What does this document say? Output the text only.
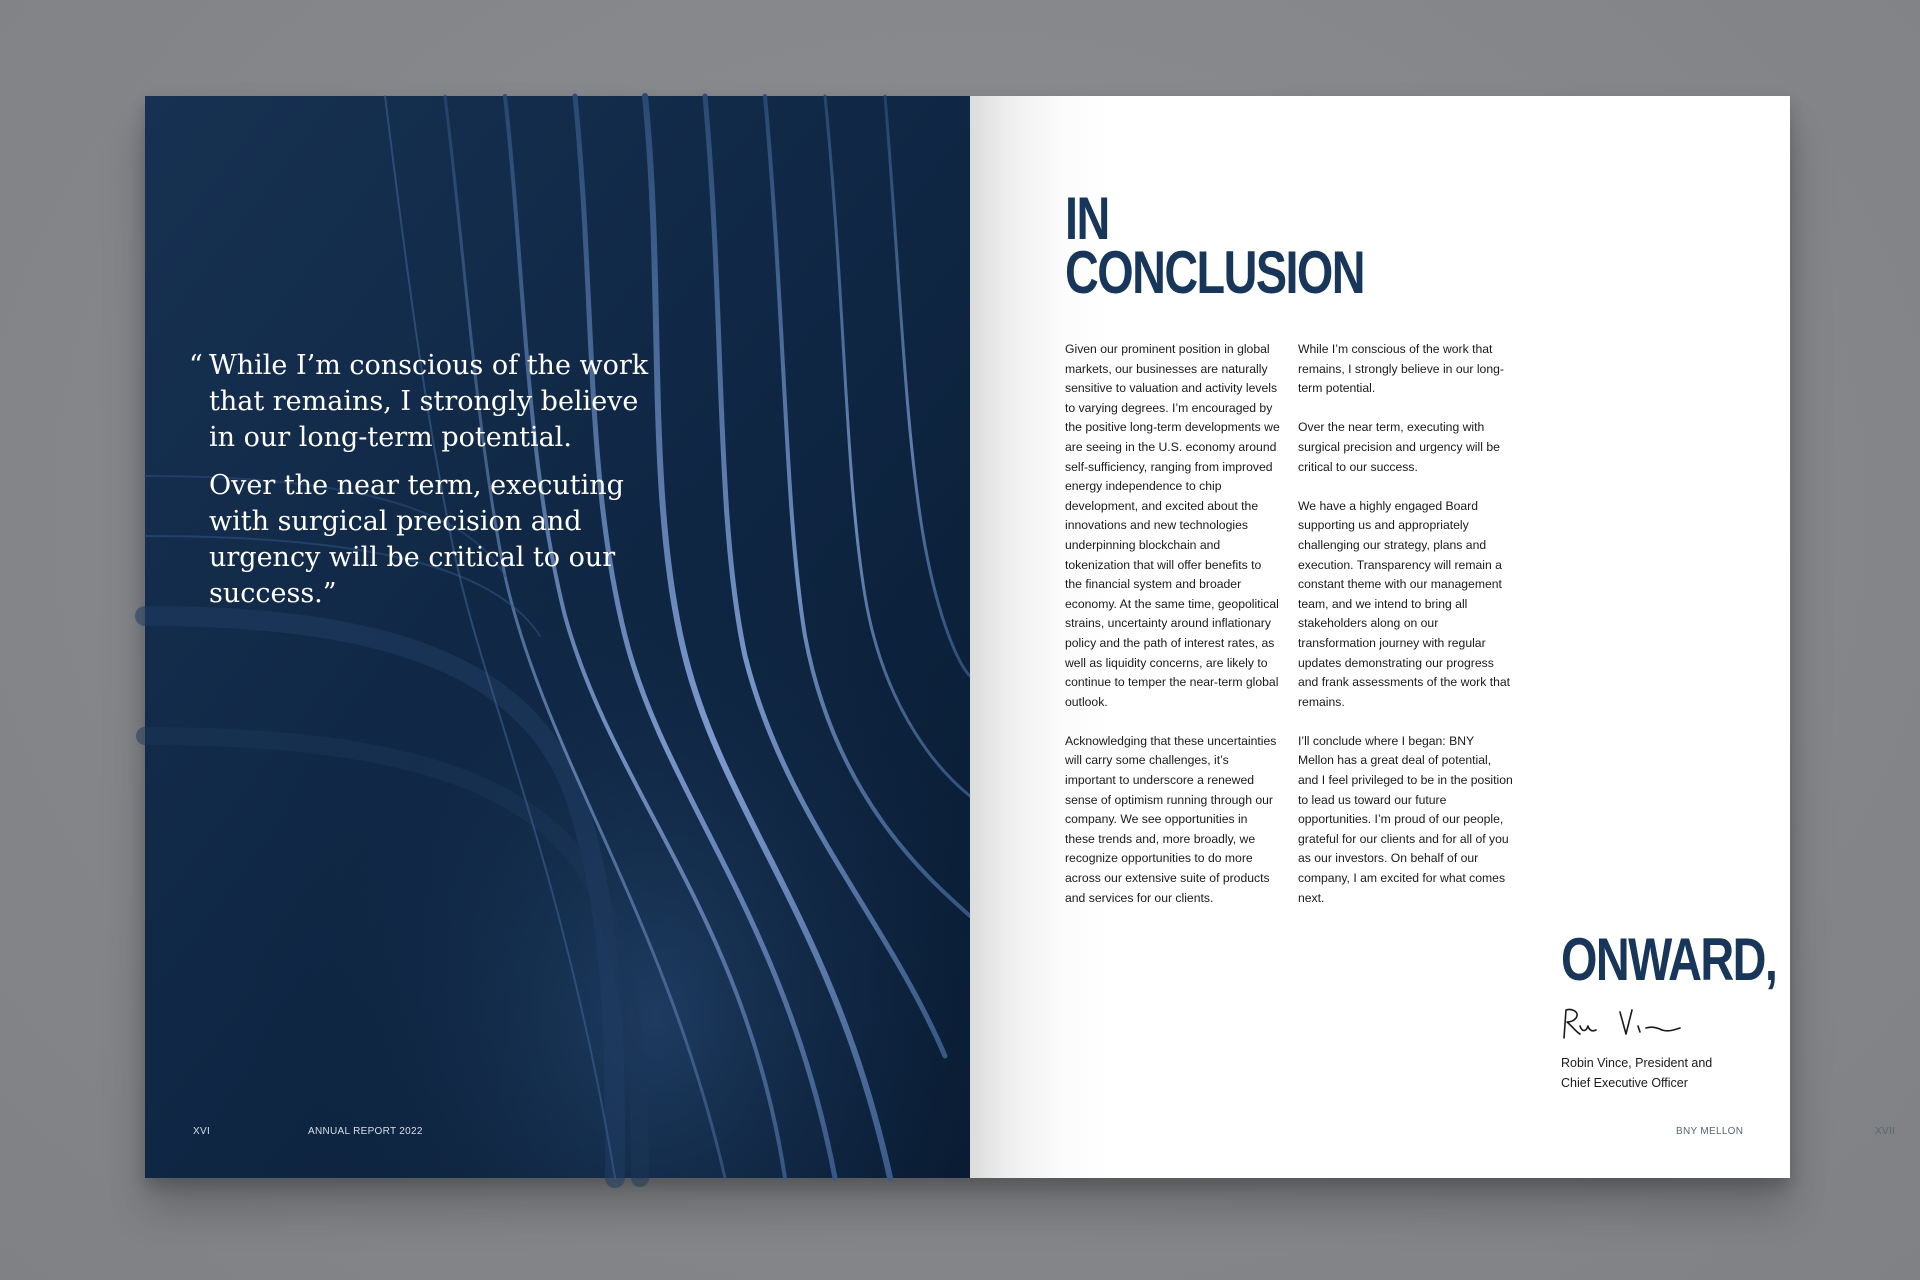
“ While I’m conscious of the work that remains, I strongly believe in our long-term potential.

Over the near term, executing with surgical precision and urgency will be critical to our success.”

XVI	ANNUAL REPORT 2022
IN
CONCLUSION

Given our prominent position in global markets, our businesses are naturally sensitive to valuation and activity levels to varying degrees. I’m encouraged by the positive long-term developments we are seeing in the U.S. economy around self-sufficiency, ranging from improved energy independence to chip development, and excited about the innovations and new technologies underpinning blockchain and tokenization that will offer benefits to the financial system and broader economy. At the same time, geopolitical strains, uncertainty around inflationary policy and the path of interest rates, as well as liquidity concerns, are likely to continue to temper the near-term global outlook.

Acknowledging that these uncertainties will carry some challenges, it’s important to underscore a renewed sense of optimism running through our company. We see opportunities in these trends and, more broadly, we recognize opportunities to do more across our extensive suite of products and services for our clients.

While I’m conscious of the work that remains, I strongly believe in our long-term potential.

Over the near term, executing with surgical precision and urgency will be critical to our success.

We have a highly engaged Board supporting us and appropriately challenging our strategy, plans and execution. Transparency will remain a constant theme with our management team, and we intend to bring all stakeholders along on our transformation journey with regular updates demonstrating our progress and frank assessments of the work that remains.

I’ll conclude where I began: BNY Mellon has a great deal of potential, and I feel privileged to be in the position to lead us toward our future opportunities. I’m proud of our people, grateful for our clients and for all of you as our investors. On behalf of our company, I am excited for what comes next.

ONWARD,
Robin Vince, President and
Chief Executive Officer
BNY MELLON	XVII
